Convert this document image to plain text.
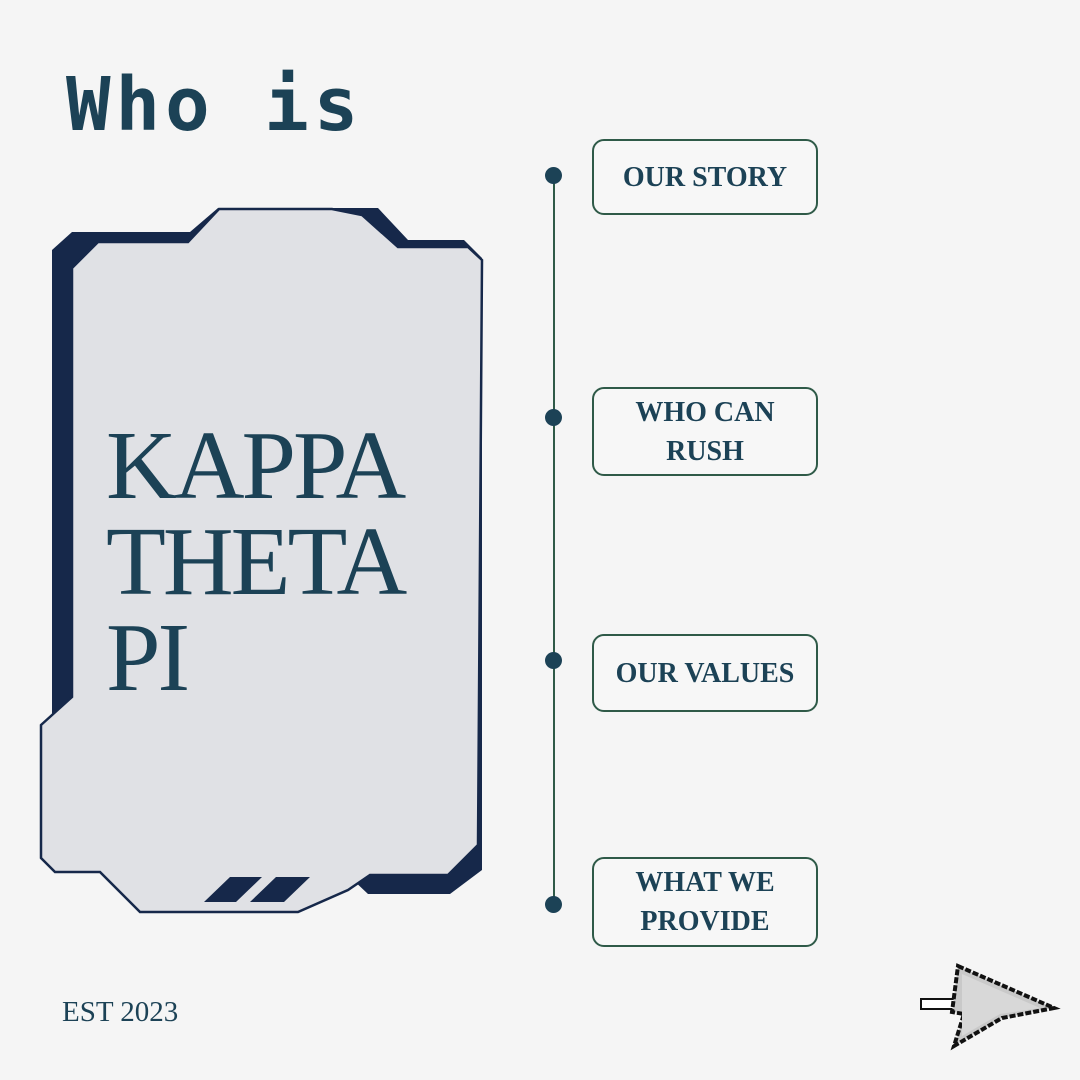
Who is
KAPPA
THETA
PI
OUR STORY
WHO CAN
RUSH
OUR VALUES
WHAT WE
PROVIDE
EST 2023
